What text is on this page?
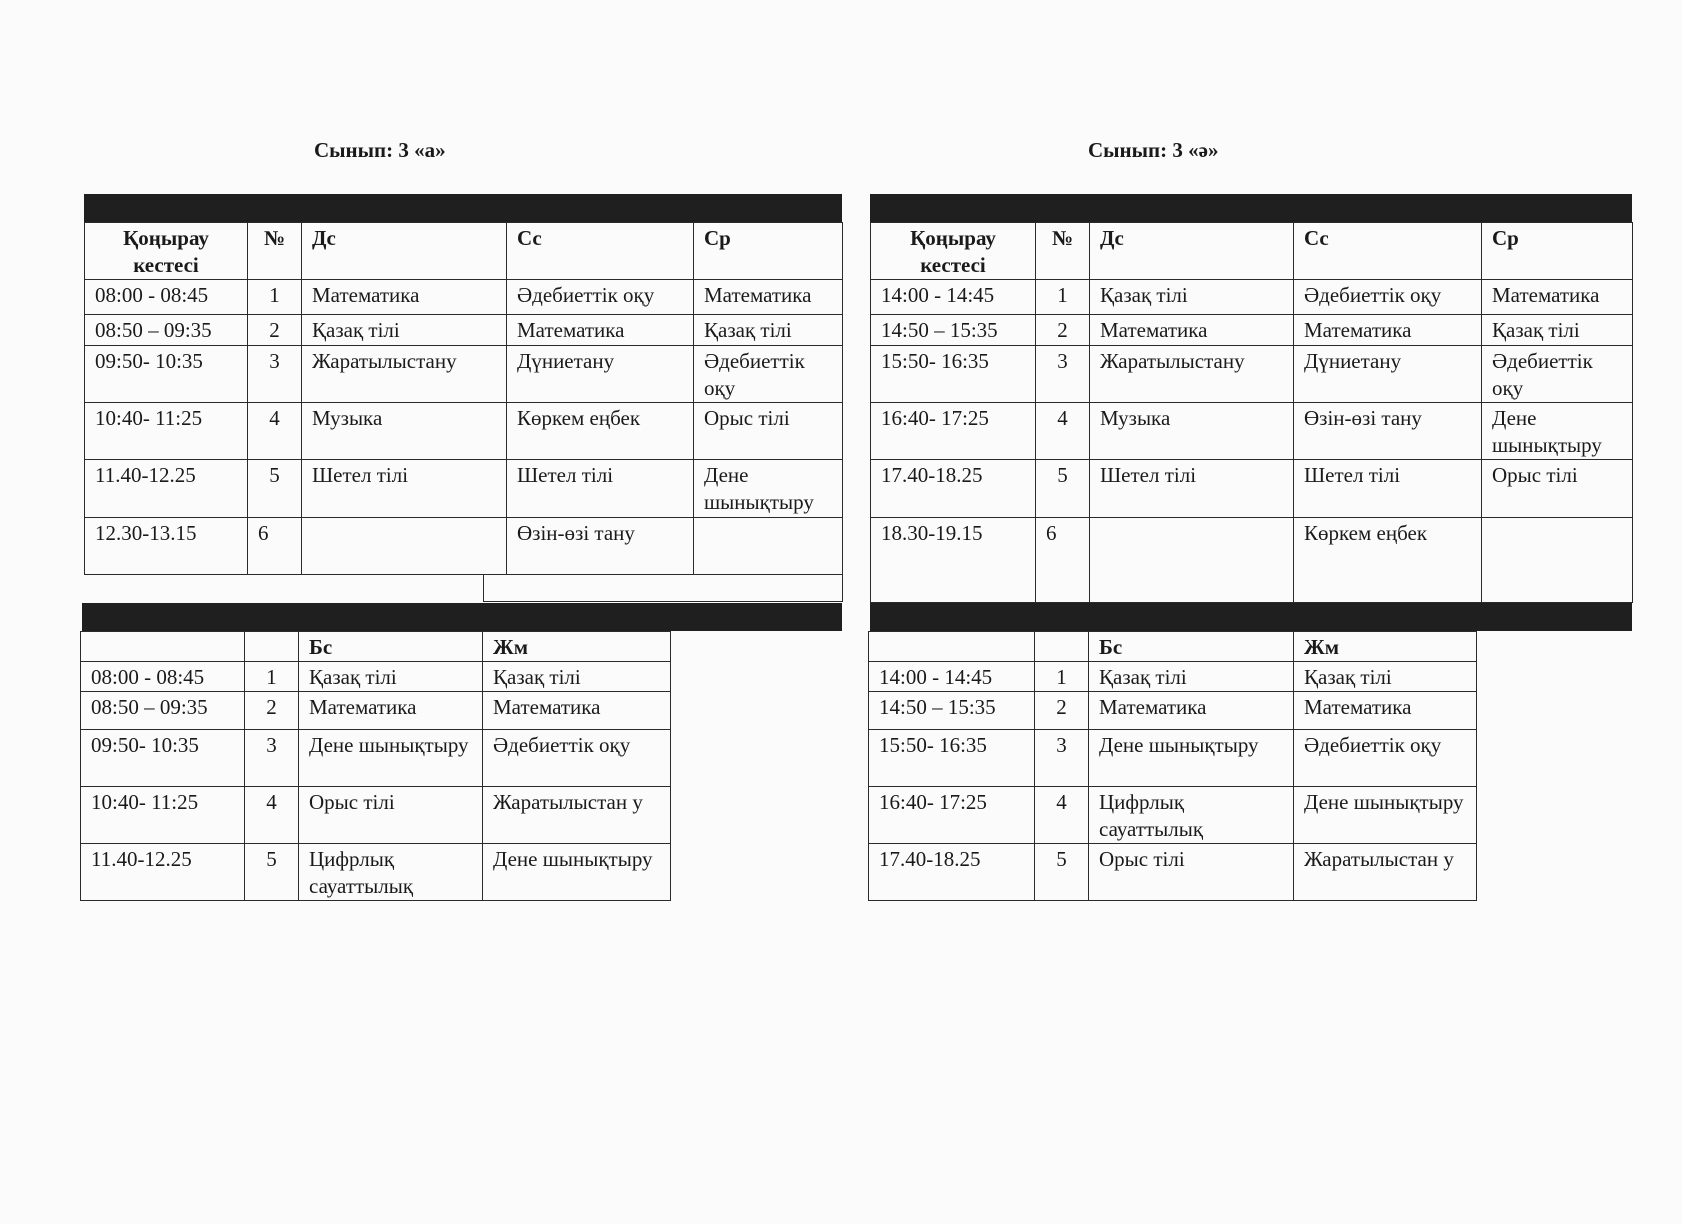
Сынып: 3 «а»
Қоңырау кестесі	№	Дс	Сс	Ср
08:00 - 08:45	1	Математика	Әдебиеттік оқу	Математика
08:50 – 09:35	2	Қазақ тілі	Математика	Қазақ тілі
09:50- 10:35	3	Жаратылыстану	Дүниетану	Әдебиеттік оқу
10:40- 11:25	4	Музыка	Көркем еңбек	Орыс тілі
11.40-12.25	5	Шетел тілі	Шетел тілі	Дене шынықтыру
12.30-13.15	6		Өзін-өзі тану	
		Бс	Жм
08:00 - 08:45	1	Қазақ тілі	Қазақ тілі
08:50 – 09:35	2	Математика	Математика
09:50- 10:35	3	Дене шынықтыру	Әдебиеттік оқу
10:40- 11:25	4	Орыс тілі	Жаратылыстан у
11.40-12.25	5	Цифрлық сауаттылық	Дене шынықтыру
Сынып: 3 «ә»
Қоңырау кестесі	№	Дс	Сс	Ср
14:00 - 14:45	1	Қазақ тілі	Әдебиеттік оқу	Математика
14:50 – 15:35	2	Математика	Математика	Қазақ тілі
15:50- 16:35	3	Жаратылыстану	Дүниетану	Әдебиеттік оқу
16:40- 17:25	4	Музыка	Өзін-өзі тану	Дене шынықтыру
17.40-18.25	5	Шетел тілі	Шетел тілі	Орыс тілі
18.30-19.15	6		Көркем еңбек	
		Бс	Жм
14:00 - 14:45	1	Қазақ тілі	Қазақ тілі
14:50 – 15:35	2	Математика	Математика
15:50- 16:35	3	Дене шынықтыру	Әдебиеттік оқу
16:40- 17:25	4	Цифрлық сауаттылық	Дене шынықтыру
17.40-18.25	5	Орыс тілі	Жаратылыстан у
